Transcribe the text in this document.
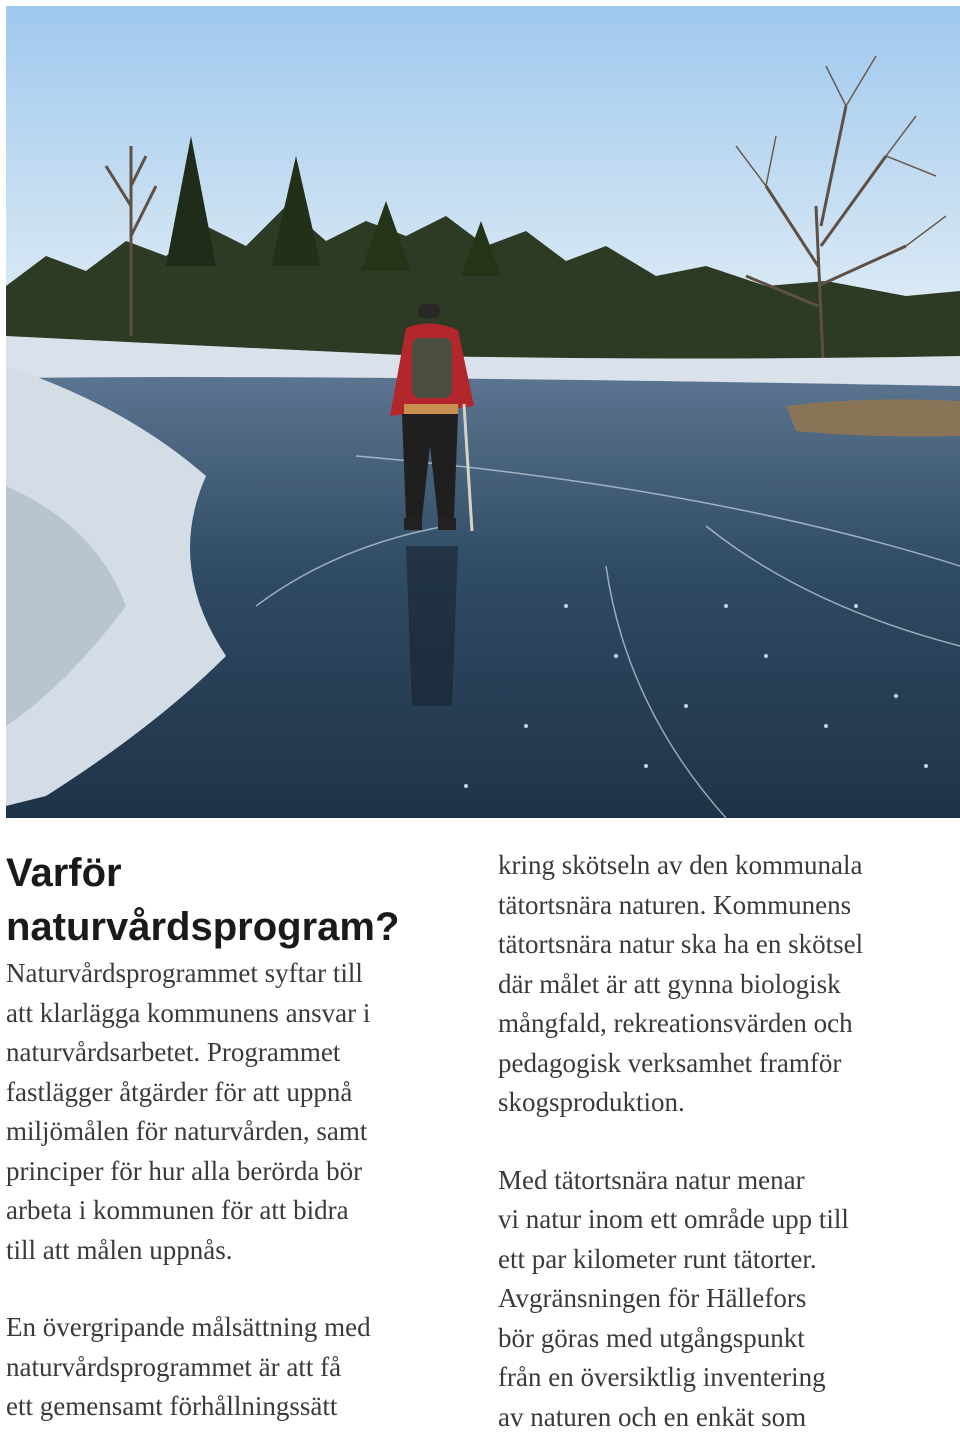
Varför
naturvårdsprogram?
Naturvårdsprogrammet syftar till
att klarlägga kommunens ansvar i
naturvårdsarbetet. Programmet
fastlägger åtgärder för att uppnå
miljömålen för naturvården, samt
principer för hur alla berörda bör
arbeta i kommunen för att bidra
till att målen uppnås.
En övergripande målsättning med
naturvårdsprogrammet är att få
ett gemensamt förhållningssätt
kring skötseln av den kommunala
tätortsnära naturen. Kommunens
tätortsnära natur ska ha en skötsel
där målet är att gynna biologisk
mångfald, rekreationsvärden och
pedagogisk verksamhet framför
skogsproduktion.
Med tätortsnära natur menar
vi natur inom ett område upp till
ett par kilometer runt tätorter.
Avgränsningen för Hällefors
bör göras med utgångspunkt
från en översiktlig inventering
av naturen och en enkät som
